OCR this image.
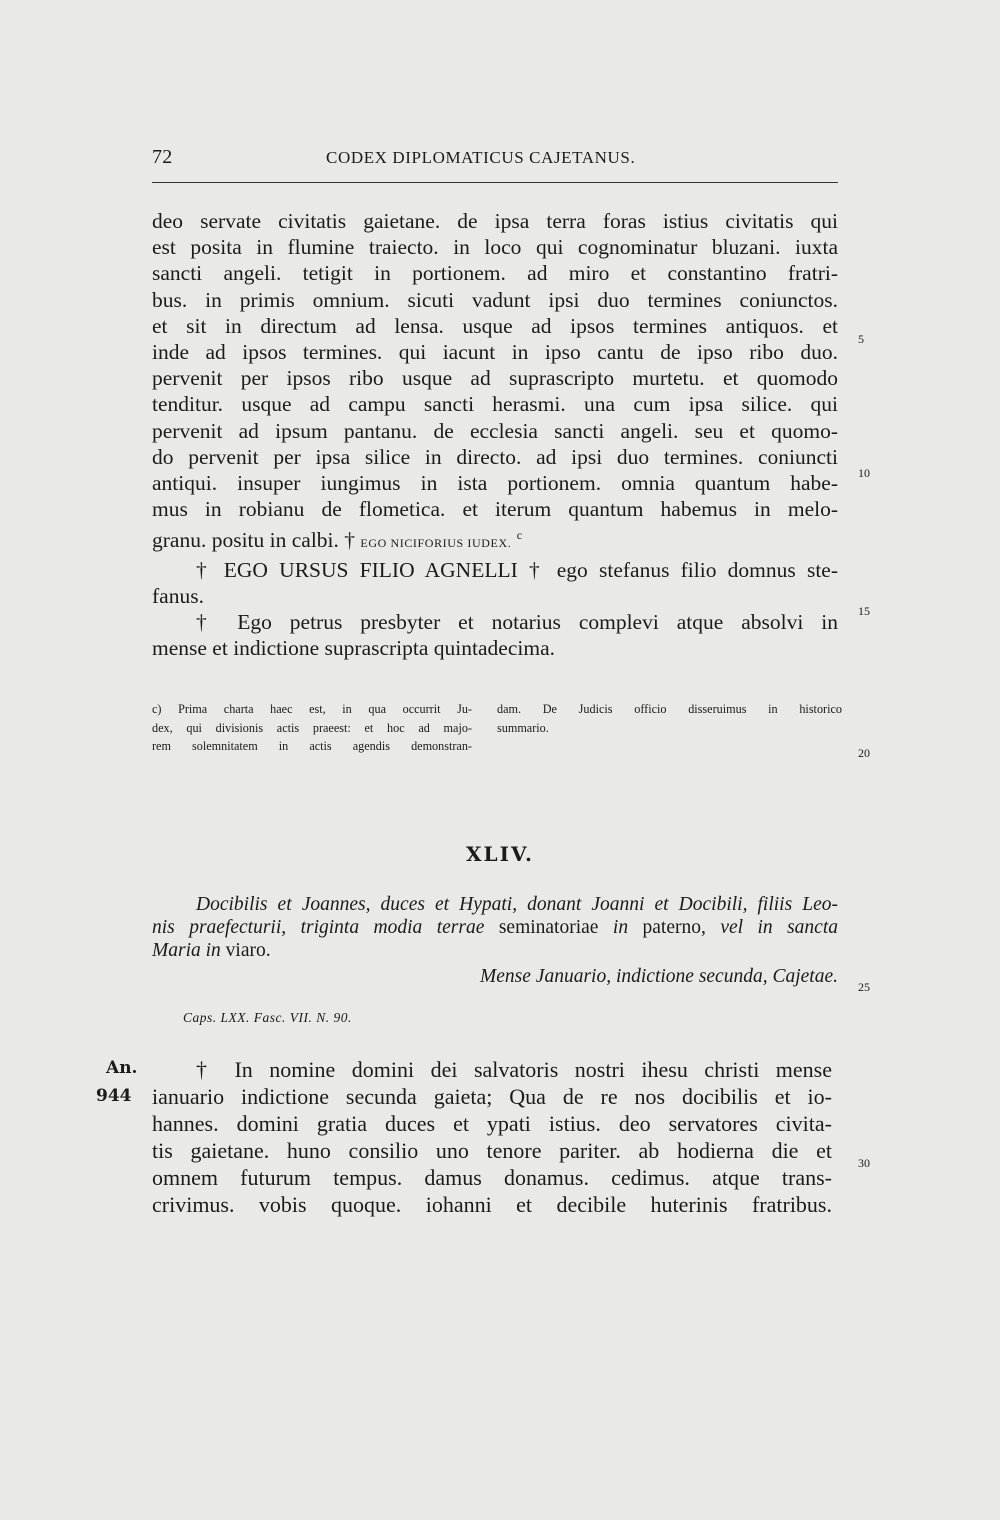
72	CODEX DIPLOMATICUS CAJETANUS.
deo servate civitatis gaietane. de ipsa terra foras istius civitatis qui
est posita in flumine traiecto. in loco qui cognominatur bluzani. iuxta
sancti angeli. tetigit in portionem. ad miro et constantino fratri-
bus. in primis omnium. sicuti vadunt ipsi duo termines coniunctos.
et sit in directum ad lensa. usque ad ipsos termines antiquos. et
inde ad ipsos termines. qui iacunt in ipso cantu de ipso ribo duo.
pervenit per ipsos ribo usque ad suprascripto murtetu. et quomodo
tenditur. usque ad campu sancti herasmi. una cum ipsa silice. qui
pervenit ad ipsum pantanu. de ecclesia sancti angeli. seu et quomo-
do pervenit per ipsa silice in directo. ad ipsi duo termines. coniuncti
antiqui. insuper iungimus in ista portionem. omnia quantum habe-
mus in robianu de flometica. et iterum quantum habemus in melo-
granu. positu in calbi. † EGO NICIFORIUS IUDEX. $^c$
† EGO URSUS FILIO AGNELLI † ego stefanus filio domnus ste-
fanus.
† Ego petrus presbyter et notarius complevi atque absolvi in
mense et indictione suprascripta quintadecima.
5
10
15
20
25
30
c) Prima charta haec est, in qua occurrit Ju-
dex, qui divisionis actis praeest: et hoc ad majo-
rem solemnitatem in actis agendis demonstran-
dam. De Judicis officio disseruimus in historico
summario.
XLIV.
Docibilis et Joannes, duces et Hypati, donant Joanni et Docibili, filiis Leo-
nis praefecturii, triginta modia terrae seminatoriae in paterno, vel in sancta
Maria in viaro.
Mense Januario, indictione secunda, Cajetae.
Caps. LXX. Fasc. VII. N. 90.
An.
944
† In nomine domini dei salvatoris nostri ihesu christi mense
ianuario indictione secunda gaieta; Qua de re nos docibilis et io-
hannes. domini gratia duces et ypati istius. deo servatores civita-
tis gaietane. huno consilio uno tenore pariter. ab hodierna die et
omnem futurum tempus. damus donamus. cedimus. atque trans-
crivimus. vobis quoque. iohanni et decibile huterinis fratribus.
